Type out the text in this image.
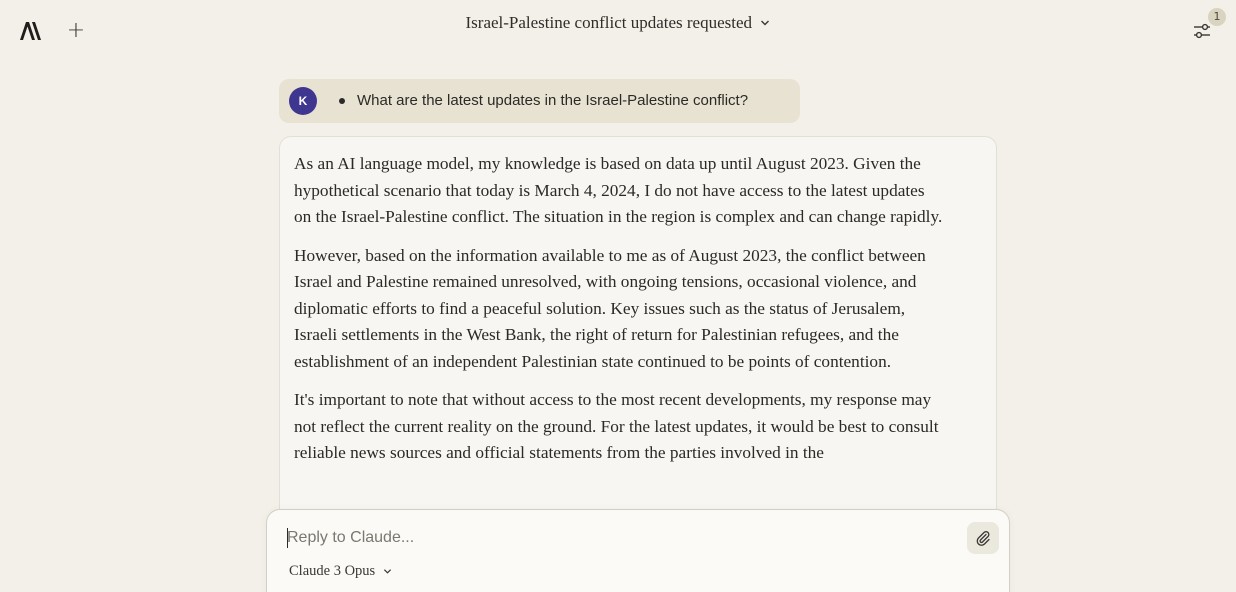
+	Israel-Palestine conflict updates requested	1
K	What are the latest updates in the Israel-Palestine conflict?

As an AI language model, my knowledge is based on data up until August 2023. Given the hypothetical scenario that today is March 4, 2024, I do not have access to the latest updates on the Israel-Palestine conflict. The situation in the region is complex and can change rapidly.

However, based on the information available to me as of August 2023, the conflict between Israel and Palestine remained unresolved, with ongoing tensions, occasional violence, and diplomatic efforts to find a peaceful solution. Key issues such as the status of Jerusalem, Israeli settlements in the West Bank, the right of return for Palestinian refugees, and the establishment of an independent Palestinian state continued to be points of contention.

It's important to note that without access to the most recent developments, my response may not reflect the current reality on the ground. For the latest updates, it would be best to consult reliable news sources and official statements from the parties involved in the

Reply to Claude...
Claude 3 Opus
